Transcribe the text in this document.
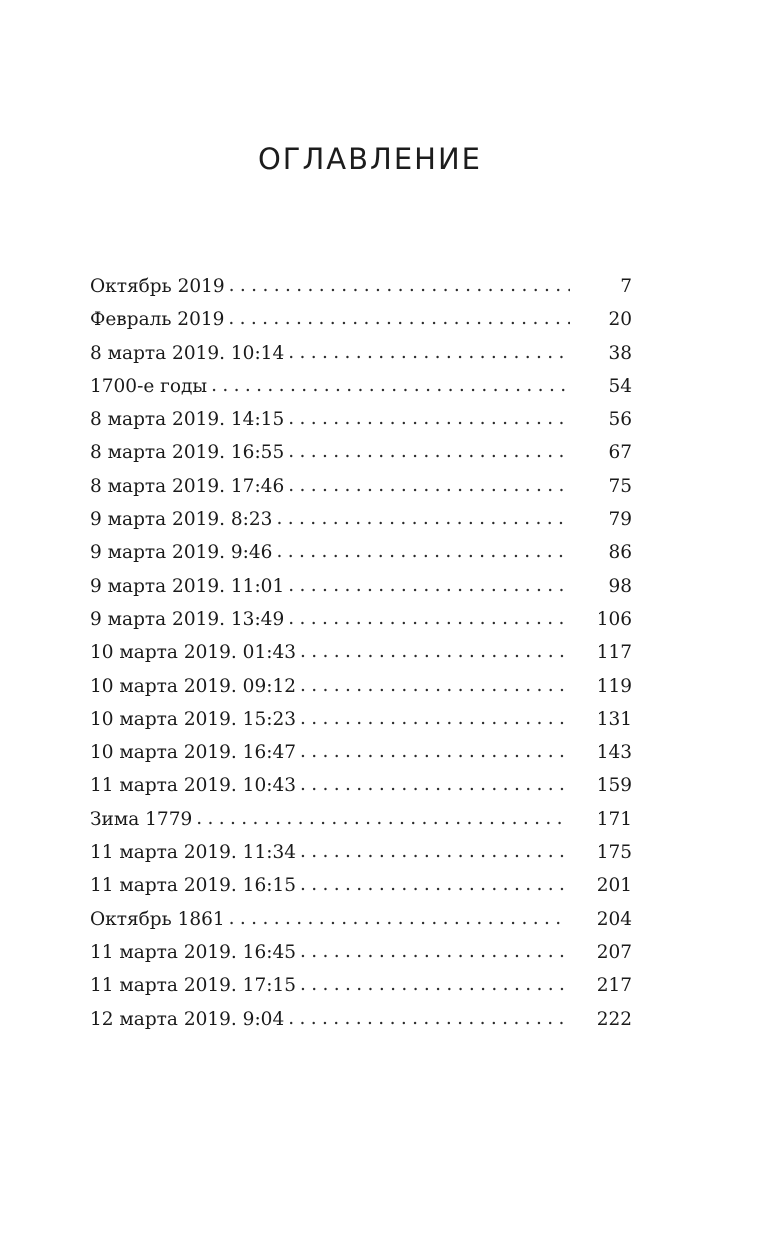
ОГЛАВЛЕНИЕ
Октябрь 2019 . . .	7
Февраль 2019 . . .	20
8 марта 2019. 10:14 . . .	38
1700-е годы . . .	54
8 марта 2019. 14:15 . . .	56
8 марта 2019. 16:55 . . .	67
8 марта 2019. 17:46 . . .	75
9 марта 2019. 8:23 . . .	79
9 марта 2019. 9:46 . . .	86
9 марта 2019. 11:01 . . .	98
9 марта 2019. 13:49 . . .	106
10 марта 2019. 01:43 . . .	117
10 марта 2019. 09:12 . . .	119
10 марта 2019. 15:23 . . .	131
10 марта 2019. 16:47 . . .	143
11 марта 2019. 10:43 . . .	159
Зима 1779 . . .	171
11 марта 2019. 11:34 . . .	175
11 марта 2019. 16:15 . . .	201
Октябрь 1861 . . .	204
11 марта 2019. 16:45 . . .	207
11 марта 2019. 17:15 . . .	217
12 марта 2019. 9:04 . . .	222
